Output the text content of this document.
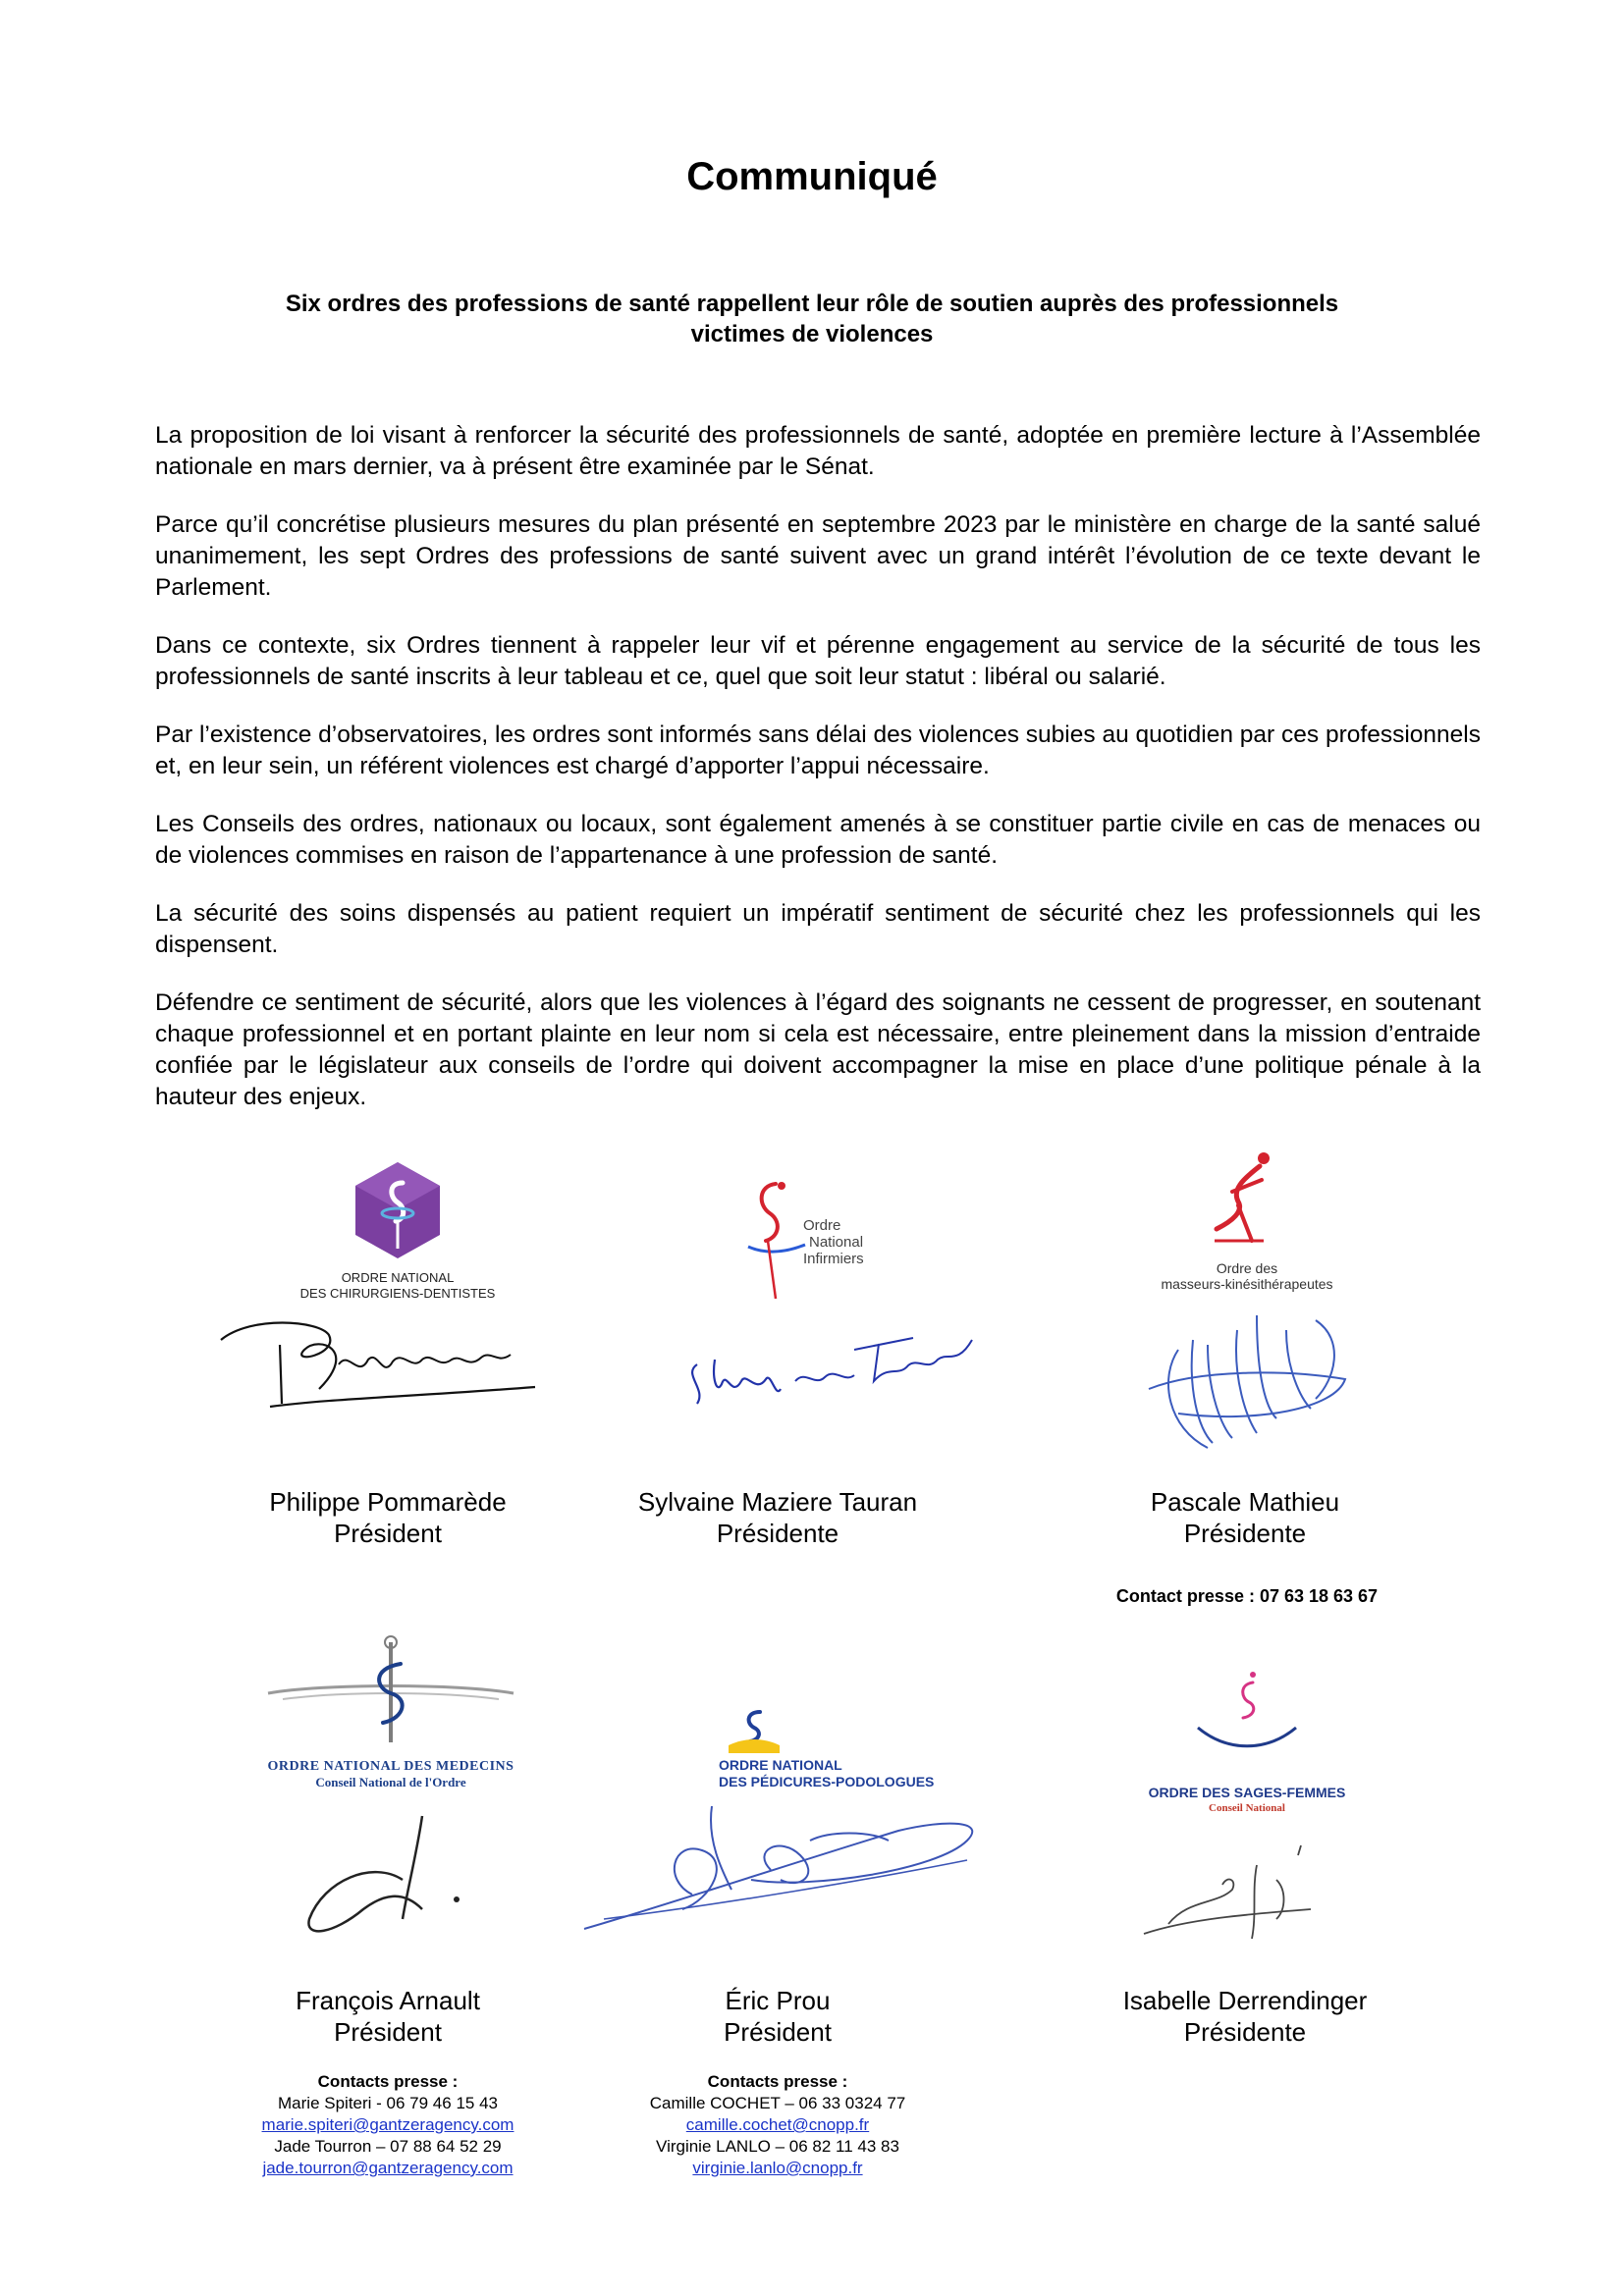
Communiqué
Six ordres des professions de santé rappellent leur rôle de soutien auprès des professionnels
victimes de violences

La proposition de loi visant à renforcer la sécurité des professionnels de santé, adoptée en première lecture à l’Assemblée nationale en mars dernier, va à présent être examinée par le Sénat.

Parce qu’il concrétise plusieurs mesures du plan présenté en septembre 2023 par le ministère en charge de la santé salué unanimement, les sept Ordres des professions de santé suivent avec un grand intérêt l’évolution de ce texte devant le Parlement.

Dans ce contexte, six Ordres tiennent à rappeler leur vif et pérenne engagement au service de la sécurité de tous les professionnels de santé inscrits à leur tableau et ce, quel que soit leur statut : libéral ou salarié.

Par l’existence d’observatoires, les ordres sont informés sans délai des violences subies au quotidien par ces professionnels et, en leur sein, un référent violences est chargé d’apporter l’appui nécessaire.

Les Conseils des ordres, nationaux ou locaux, sont également amenés à se constituer partie civile en cas de menaces ou de violences commises en raison de l’appartenance à une profession de santé.

La sécurité des soins dispensés au patient requiert un impératif sentiment de sécurité chez les professionnels qui les dispensent.

Défendre ce sentiment de sécurité, alors que les violences à l’égard des soignants ne cessent de progresser, en soutenant chaque professionnel et en portant plainte en leur nom si cela est nécessaire, entre pleinement dans la mission d’entraide confiée par le législateur aux conseils de l’ordre qui doivent accompagner la mise en place d’une politique pénale à la hauteur des enjeux.

ORDRE NATIONAL
DES CHIRURGIENS-DENTISTES
Ordre
National
Infirmiers
Ordre des
masseurs-kinésithérapeutes
Philippe Pommarède
Président
Sylvaine Maziere Tauran
Présidente
Pascale Mathieu
Présidente
Contact presse : 07 63 18 63 67
ORDRE NATIONAL DES MEDECINS
Conseil National de l'Ordre
ORDRE NATIONAL
DES PÉDICURES-PODOLOGUES
ORDRE DES SAGES-FEMMES
Conseil National
François Arnault
Président
Éric Prou
Président
Isabelle Derrendinger
Présidente
Contacts presse :
Marie Spiteri - 06 79 46 15 43
marie.spiteri@gantzeragency.com
Jade Tourron – 07 88 64 52 29
jade.tourron@gantzeragency.com
Contacts presse :
Camille COCHET – 06 33 0324 77
camille.cochet@cnopp.fr
Virginie LANLO – 06 82 11 43 83
virginie.lanlo@cnopp.fr
